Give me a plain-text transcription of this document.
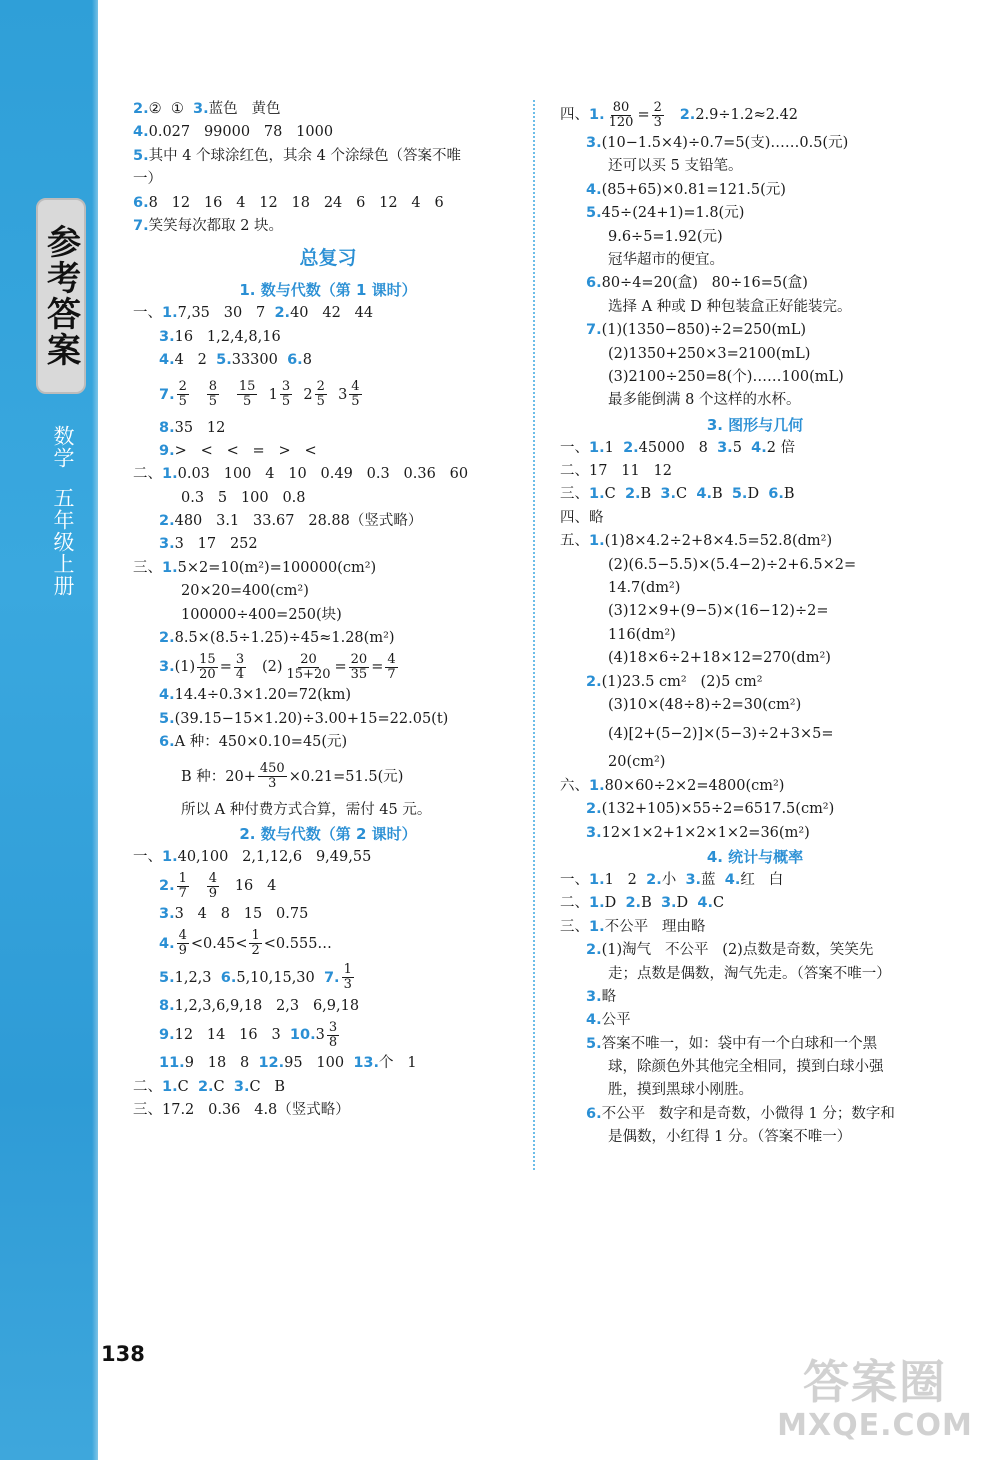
参考答案
数学五年级上册
138
答案圈
MXQE.COM
2. ②  ① 3. 蓝色   黄色
4. 0.027   99000   78   1000
5. 其中 4 个球涂红色，其余 4 个涂绿色（答案不唯
一）
6. 8   12   16   4   12   18   24   6   12   4   6
7. 笑笑每次都取 2 块。
总复习
1. 数与代数（第 1 课时）
一、 1. 7,35   30   7 2. 40   42   44
3. 16   1,2,4,8,16
4. 4   2 5. 33300 6. 8
7. $\frac{2}{5}$
$\frac{8}{5}$
$\frac{15}{5}$
$1 \frac{3}{5}$
$2 \frac{2}{5}$
$3 \frac{4}{5}$
8. 35   12
9. >   <   <   =   >   <
二、 1. 0.03   100   4   10   0.49   0.3   0.36   60
0.3   5   100   0.8
2. 480   3.1   33.67   28.88（竖式略）
3. 3   17   252
三、 1. 5×2=10(m²)=100000(cm²)
20×20=400(cm²)
100000÷400=250(块)
2. 8.5×(8.5÷1.25)÷45≈1.28(m²)
3. $(1) \frac{15}{20} = \frac{3}{4} (2) \frac{20}{15+20} = \frac{20}{35} = \frac{4}{7}$
4. 14.4÷0.3×1.20=72(km)
5. (39.15−15×1.20)÷3.00+15=22.05(t)
6. A 种：450×0.10=45(元)
B 种：$20+ \frac{450}{3} \times 0.21=51.5$(元)
所以 A 种付费方式合算，需付 45 元。
2. 数与代数（第 2 课时）
一、 1. 40,100   2,1,12,6   9,49,55
2. $\frac{1}{7}$
$\frac{4}{9} 16$   4
3. 3   4   8   15   0.75
4. $\frac{4}{9} <0.45< \frac{1}{2}$ <0.555…
5. 1,2,3 6. 5,10,15,30 7. $\frac{1}{3}$
8. 1,2,3,6,9,18   2,3   6,9,18
9. 12   14   16   3 10. $3 \frac{3}{8}$
11. 9   18   8 12. 95   100 13. 个   1
二、 1. C 2. C 3. C   B
三、 17.2   0.36   4.8（竖式略）
四、 1. $\frac{80}{120} = \frac{2}{3}$
2. 2.9÷1.2≈2.42
3. (10−1.5×4)÷0.7=5(支)……0.5(元)
还可以买 5 支铅笔。
4. (85+65)×0.81=121.5(元)
5. 45÷(24+1)=1.8(元)
9.6÷5=1.92(元)
冠华超市的便宜。
6. 80÷4=20(盒)   80÷16=5(盒)
选择 A 种或 D 种包装盒正好能装完。
7. (1)(1350−850)÷2=250(mL)
(2)1350+250×3=2100(mL)
(3)2100÷250=8(个)……100(mL)
最多能倒满 8 个这样的水杯。
3. 图形与几何
一、 1. 1 2. 45000   8 3. 5 4. 2 倍
二、 17   11   12
三、 1. C 2. B 3. C 4. B 5. D 6. B
四、 略
五、 1. (1)8×4.2÷2+8×4.5=52.8(dm²)
(2)(6.5−5.5)×(5.4−2)÷2+6.5×2=
14.7(dm²)
(3)12×9+(9−5)×(16−12)÷2=
116(dm²)
(4)18×6÷2+18×12=270(dm²)
2. (1)23.5 cm²   (2)5 cm²
(3)10×(48÷8)÷2=30(cm²)
(4)[2+(5−2)]×(5−3)÷2+3×5=
20(cm²)
六、 1. 80×60÷2×2=4800(cm²)
2. (132+105)×55÷2=6517.5(cm²)
3. 12×1×2+1×2×1×2=36(m²)
4. 统计与概率
一、 1. 1   2 2. 小 3. 蓝 4. 红   白
二、 1. D 2. B 3. D 4. C
三、 1. 不公平   理由略
2. (1)淘气   不公平   (2)点数是奇数，笑笑先
走；点数是偶数，淘气先走。（答案不唯一）
3. 略
4. 公平
5. 答案不唯一，如：袋中有一个白球和一个黑
球，除颜色外其他完全相同，摸到白球小强
胜，摸到黑球小刚胜。
6. 不公平   数字和是奇数，小微得 1 分；数字和
是偶数，小红得 1 分。（答案不唯一）
